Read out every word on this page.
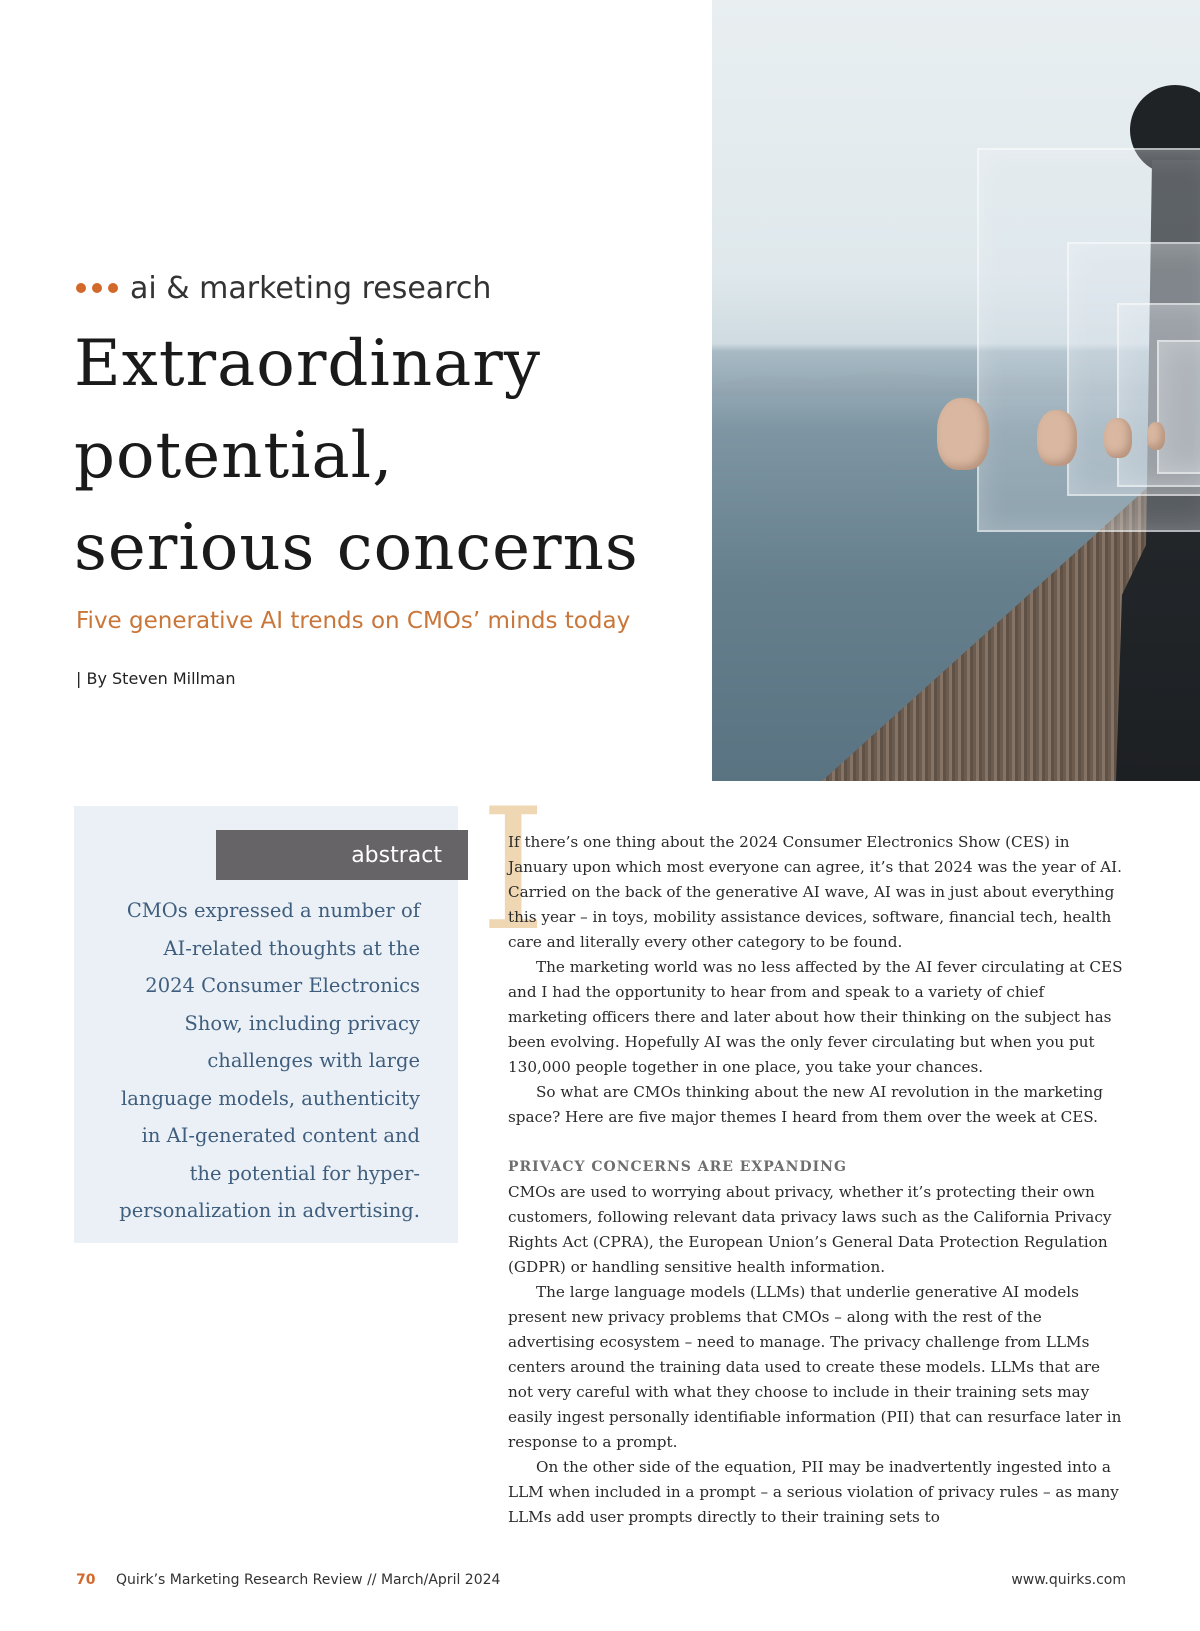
ai & marketing research
Extraordinary
potential,
serious concerns

Five generative AI trends on CMOs’ minds today

| By Steven Millman
abstract

CMOs expressed a number of AI-related thoughts at the 2024 Consumer Electronics Show, including privacy challenges with large language models, authenticity in AI-generated content and the potential for hyper-personalization in advertising.

I

If there’s one thing about the 2024 Consumer Electronics Show (CES) in January upon which most everyone can agree, it’s that 2024 was the year of AI. Carried on the back of the generative AI wave, AI was in just about everything this year – in toys, mobility assistance devices, software, financial tech, health care and literally every other category to be found.

The marketing world was no less affected by the AI fever circulating at CES and I had the opportunity to hear from and speak to a variety of chief marketing officers there and later about how their thinking on the subject has been evolving. Hopefully AI was the only fever circulating but when you put 130,000 people together in one place, you take your chances.

So what are CMOs thinking about the new AI revolution in the marketing space? Here are five major themes I heard from them over the week at CES.

PRIVACY CONCERNS ARE EXPANDING

CMOs are used to worrying about privacy, whether it’s protecting their own customers, following relevant data privacy laws such as the California Privacy Rights Act (CPRA), the European Union’s General Data Protection Regulation (GDPR) or handling sensitive health information.

The large language models (LLMs) that underlie generative AI models present new privacy problems that CMOs – along with the rest of the advertising ecosystem – need to manage. The privacy challenge from LLMs centers around the training data used to create these models. LLMs that are not very careful with what they choose to include in their training sets may easily ingest personally identifiable information (PII) that can resurface later in response to a prompt.

On the other side of the equation, PII may be inadvertently ingested into a LLM when included in a prompt – a serious violation of privacy rules – as many LLMs add user prompts directly to their training sets to

70 Quirk’s Marketing Research Review // March/April 2024	www.quirks.com
